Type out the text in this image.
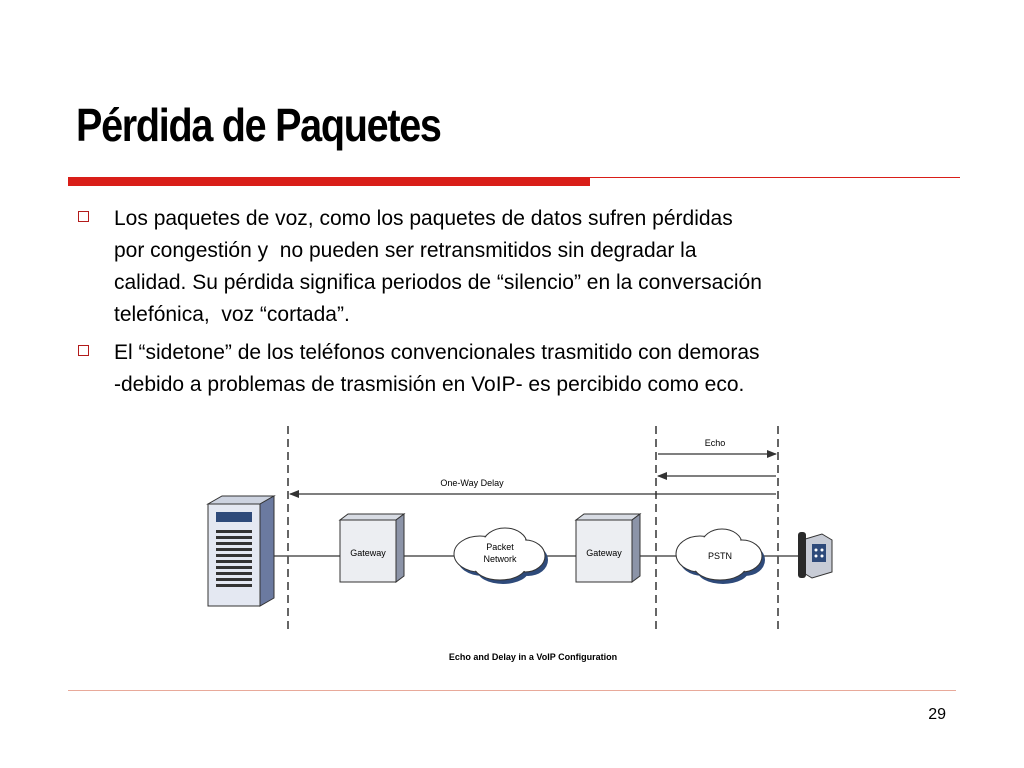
Pérdida de Paquetes
Los paquetes de voz, como los paquetes de datos sufren pérdidas
por congestión y  no pueden ser retransmitidos sin degradar la
calidad. Su pérdida significa periodos de “silencio” en la conversación
telefónica,  voz “cortada”.
El “sidetone” de los teléfonos convencionales trasmitido con demoras
-debido a problemas de trasmisión en VoIP- es percibido como eco.
Echo
One-Way Delay
Gateway
Packet
Network
Gateway	PSTN
Echo and Delay in a VoIP Configuration
29
